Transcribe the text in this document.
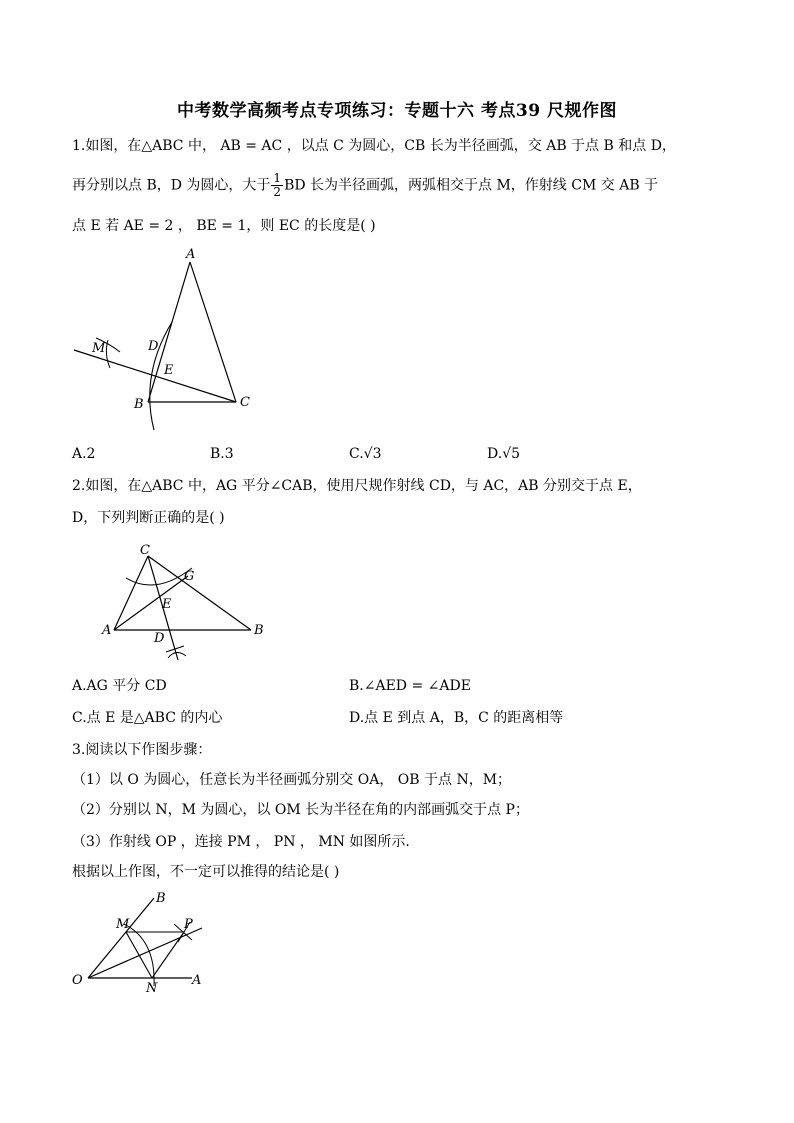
中考数学高频考点专项练习：专题十六 考点39 尺规作图
1.如图，在△ABC 中， AB = AC ，以点 C 为圆心，CB 长为半径画弧，交 AB 于点 B 和点 D，
再分别以点 B，D 为圆心，大于 $\frac{1}{2}$ BD 长为半径画弧，两弧相交于点 M，作射线 CM 交 AB 于
点 E 若 AE = 2 ， BE = 1，则 EC 的长度是( )
A
B	C
D
E
M
A.2	B.3	C.√3	D.√5
2.如图，在△ABC 中，AG 平分∠CAB，使用尺规作射线 CD，与 AC，AB 分别交于点 E，
D，下列判断正确的是( )
C
G
E
A
D
B
A.AG 平分 CD	B.∠AED = ∠ADE
C.点 E 是△ABC 的内心	D.点 E 到点 A，B，C 的距离相等
3.阅读以下作图步骤：
（1）以 O 为圆心，任意长为半径画弧分别交 OA， OB 于点 N，M；
（2）分别以 N，M 为圆心，以 OM 长为半径在角的内部画弧交于点 P；
（3）作射线 OP ，连接 PM ， PN ， MN 如图所示.
根据以上作图，不一定可以推得的结论是( )
B
M	P
O
N
A
